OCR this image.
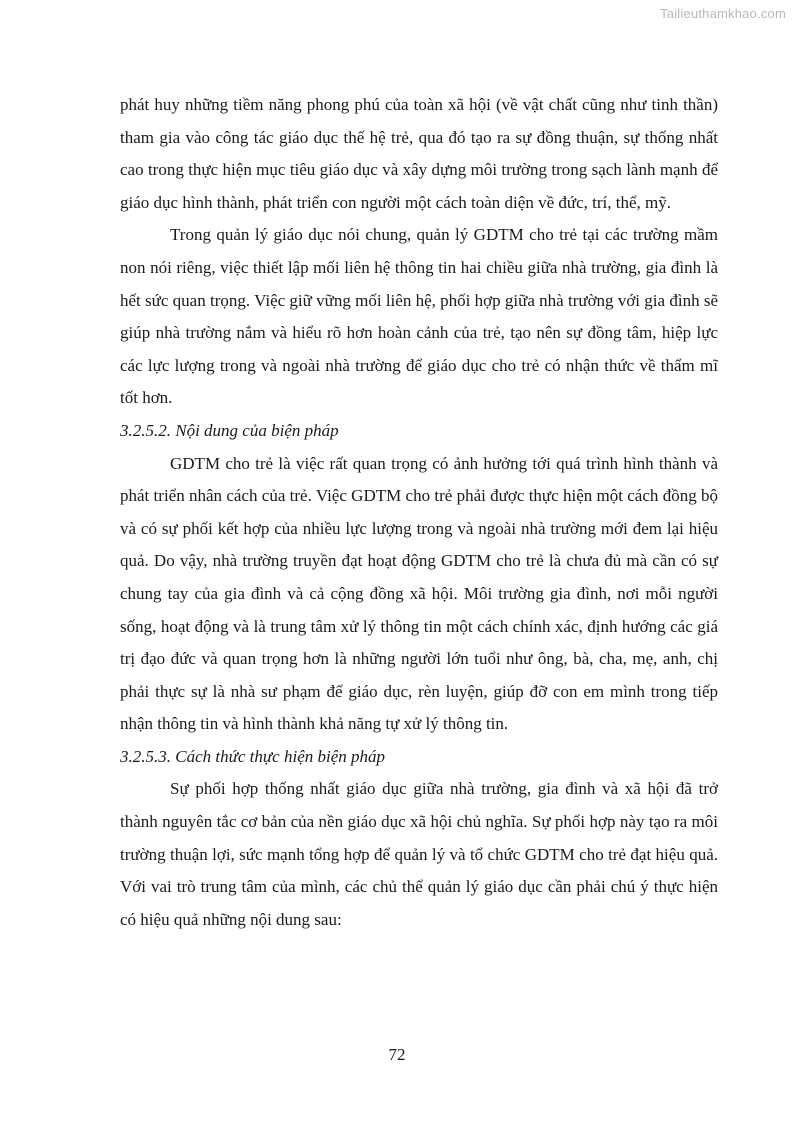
Tailieuthamkhao.com

phát huy những tiềm năng phong phú của toàn xã hội (về vật chất cũng như tinh thần) tham gia vào công tác giáo dục thế hệ trẻ, qua đó tạo ra sự đồng thuận, sự thống nhất cao trong thực hiện mục tiêu giáo dục và xây dựng môi trường trong sạch lành mạnh để giáo dục hình thành, phát triển con người một cách toàn diện về đức, trí, thể, mỹ.

Trong quản lý giáo dục nói chung, quản lý GDTM cho trẻ tại các trường mầm non nói riêng, việc thiết lập mối liên hệ thông tin hai chiều giữa nhà trường, gia đình là hết sức quan trọng. Việc giữ vững mối liên hệ, phối hợp giữa nhà trường với gia đình sẽ giúp nhà trường nắm và hiểu rõ hơn hoàn cảnh của trẻ, tạo nên sự đồng tâm, hiệp lực các lực lượng trong và ngoài nhà trường để giáo dục cho trẻ có nhận thức về thẩm mĩ tốt hơn.

3.2.5.2. Nội dung của biện pháp

GDTM cho trẻ là việc rất quan trọng có ảnh hưởng tới quá trình hình thành và phát triển nhân cách của trẻ. Việc GDTM cho trẻ phải được thực hiện một cách đồng bộ và có sự phối kết hợp của nhiều lực lượng trong và ngoài nhà trường mới đem lại hiệu quả. Do vậy, nhà trường truyền đạt hoạt động GDTM cho trẻ là chưa đủ mà cần có sự chung tay của gia đình và cả cộng đồng xã hội. Môi trường gia đình, nơi mỗi người sống, hoạt động và là trung tâm xử lý thông tin một cách chính xác, định hướng các giá trị đạo đức và quan trọng hơn là những người lớn tuổi như ông, bà, cha, mẹ, anh, chị phải thực sự là nhà sư phạm để giáo dục, rèn luyện, giúp đỡ con em mình trong tiếp nhận thông tin và hình thành khả năng tự xử lý thông tin.

3.2.5.3. Cách thức thực hiện biện pháp

Sự phối hợp thống nhất giáo dục giữa nhà trường, gia đình và xã hội đã trở thành nguyên tắc cơ bản của nền giáo dục xã hội chủ nghĩa. Sự phối hợp này tạo ra môi trường thuận lợi, sức mạnh tổng hợp để quản lý và tổ chức GDTM cho trẻ đạt hiệu quả. Với vai trò trung tâm của mình, các chủ thể quản lý giáo dục cần phải chú ý thực hiện có hiệu quả những nội dung sau:

72
